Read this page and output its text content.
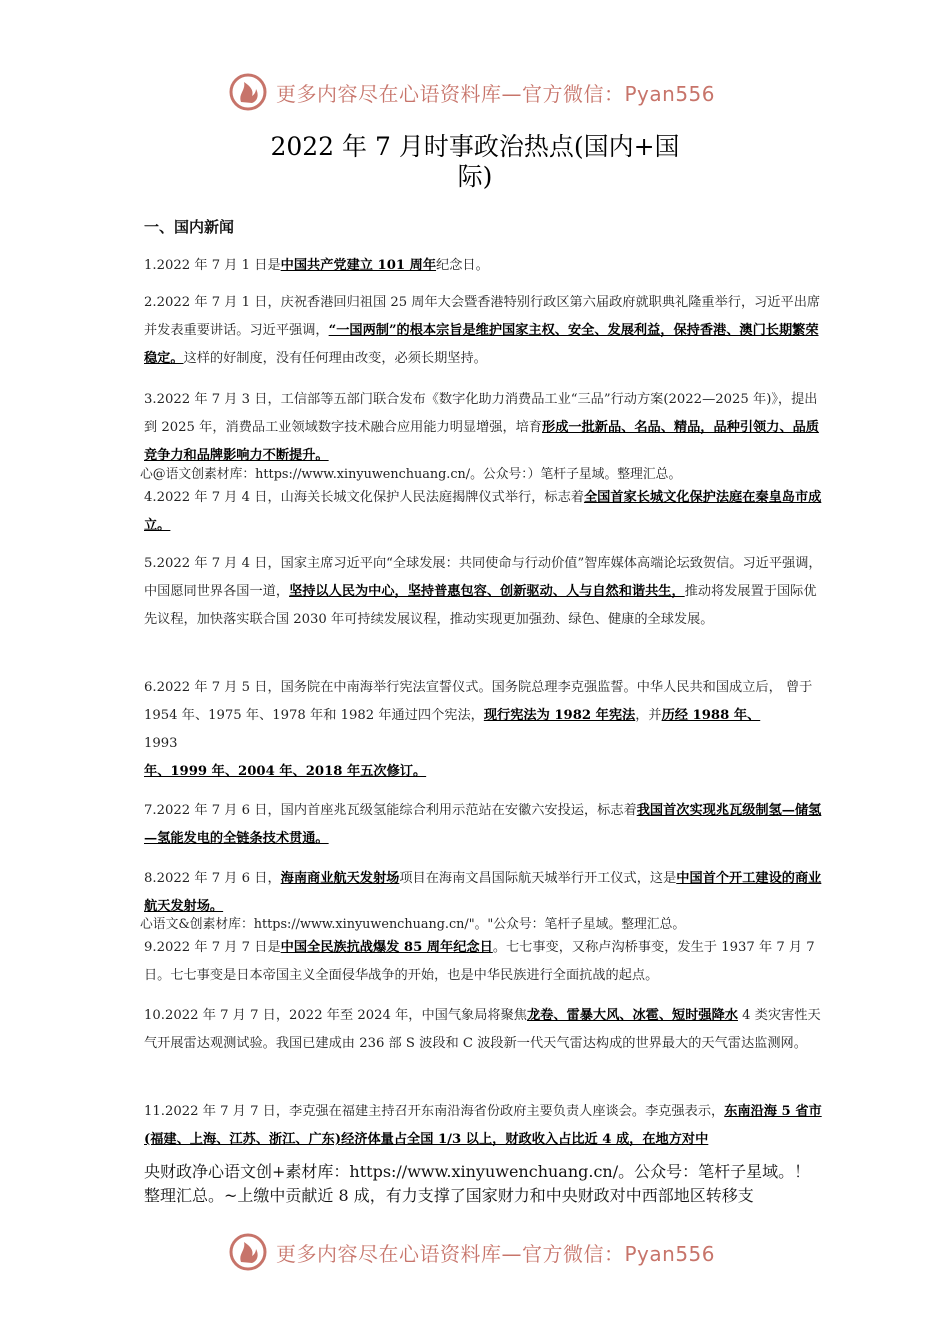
更多内容尽在心语资料库—官方微信：Pyan556
2022 年 7 月时事政治热点(国内+国
际)
一、国内新闻
1.2022 年 7 月 1 日是中国共产党建立 101 周年纪念日。
2.2022 年 7 月 1 日，庆祝香港回归祖国 25 周年大会暨香港特别行政区第六届政府就职典礼隆重举行，习近平出席并发表重要讲话。习近平强调，“一国两制”的根本宗旨是维护国家主权、安全、发展利益，保持香港、澳门长期繁荣稳定。这样的好制度，没有任何理由改变，必须长期坚持。
3.2022 年 7 月 3 日，工信部等五部门联合发布《数字化助力消费品工业“三品”行动方案(2022—2025 年)》，提出到 2025 年，消费品工业领域数字技术融合应用能力明显增强，培育形成一批新品、名品、精品，品种引领力、品质竞争力和品牌影响力不断提升。
心@语文创素材库：https://www.xinyuwenchuang.cn/。公众号：）笔杆子星域。整理汇总。
4.2022 年 7 月 4 日，山海关长城文化保护人民法庭揭牌仪式举行，标志着全国首家长城文化保护法庭在秦皇岛市成立。
5.2022 年 7 月 4 日，国家主席习近平向“全球发展：共同使命与行动价值”智库媒体高端论坛致贺信。习近平强调，中国愿同世界各国一道，坚持以人民为中心，坚持普惠包容、创新驱动、人与自然和谐共生，推动将发展置于国际优先议程，加快落实联合国 2030 年可持续发展议程，推动实现更加强劲、绿色、健康的全球发展。
6.2022 年 7 月 5 日，国务院在中南海举行宪法宣誓仪式。国务院总理李克强监誓。中华人民共和国成立后， 曾于 1954 年、1975 年、1978 年和 1982 年通过四个宪法，现行宪法为 1982 年宪法，并历经 1988 年、
1993
年、1999 年、2004 年、2018 年五次修订。
7.2022 年 7 月 6 日，国内首座兆瓦级氢能综合利用示范站在安徽六安投运，标志着我国首次实现兆瓦级制氢—储氢—氢能发电的全链条技术贯通。
8.2022 年 7 月 6 日，海南商业航天发射场项目在海南文昌国际航天城举行开工仪式，这是中国首个开工建设的商业航天发射场。
心语文&创素材库：https://www.xinyuwenchuang.cn/"。"公众号：笔杆子星域。整理汇总。
9.2022 年 7 月 7 日是中国全民族抗战爆发 85 周年纪念日。七七事变，又称卢沟桥事变，发生于 1937 年 7 月 7 日。七七事变是日本帝国主义全面侵华战争的开始，也是中华民族进行全面抗战的起点。
10.2022 年 7 月 7 日，2022 年至 2024 年，中国气象局将聚焦龙卷、雷暴大风、冰雹、短时强降水 4 类灾害性天气开展雷达观测试验。我国已建成由 236 部 S 波段和 C 波段新一代天气雷达构成的世界最大的天气雷达监测网。
11.2022 年 7 月 7 日，李克强在福建主持召开东南沿海省份政府主要负责人座谈会。李克强表示，东南沿海 5 省市(福建、上海、江苏、浙江、广东)经济体量占全国 1/3 以上，财政收入占比近 4 成，在地方对中
央财政净心语文创+素材库：https://www.xinyuwenchuang.cn/。公众号：笔杆子星域。！
整理汇总。~上缴中贡献近 8 成，有力支撑了国家财力和中央财政对中西部地区转移支
更多内容尽在心语资料库—官方微信：Pyan556
